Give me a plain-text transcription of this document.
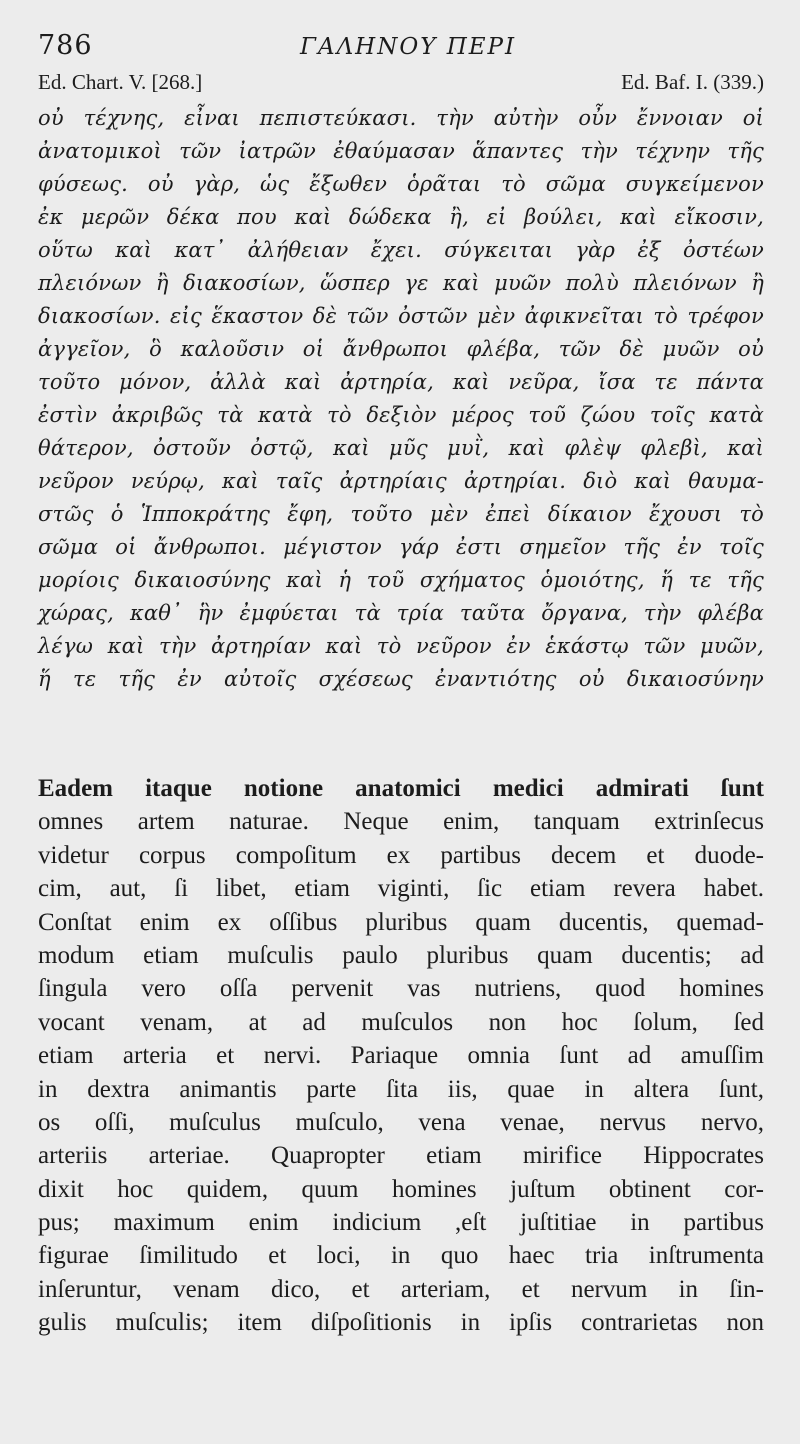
786	ΓΑΛΗΝΟΥ ΠΕΡΙ
Ed. Chart. V. [268.]	Ed. Baf. I. (339.)
οὐ τέχνης, εἶναι πεπιστεύκασι. τὴν αὐτὴν οὖν ἔννοιαν οἱ
ἀνατομικοὶ τῶν ἰατρῶν ἐθαύμασαν ἅπαντες τὴν τέχνην τῆς
φύσεως. οὐ γὰρ, ὡς ἔξωθεν ὁρᾶται τὸ σῶμα συγκείμενον
ἐκ μερῶν δέκα που καὶ δώδεκα ἢ, εἰ βούλει, καὶ εἴκοσιν,
οὕτω καὶ κατ᾿ ἀλήθειαν ἔχει. σύγκειται γὰρ ἐξ ὀστέων
πλειόνων ἢ διακοσίων, ὥσπερ γε καὶ μυῶν πολὺ πλειόνων ἢ
διακοσίων. εἰς ἕκαστον δὲ τῶν ὀστῶν μὲν ἀφικνεῖται τὸ τρέφον
ἀγγεῖον, ὃ καλοῦσιν οἱ ἄνθρωποι φλέβα, τῶν δὲ μυῶν οὐ
τοῦτο μόνον, ἀλλὰ καὶ ἀρτηρία, καὶ νεῦρα, ἴσα τε πάντα
ἐστὶν ἀκριβῶς τὰ κατὰ τὸ δεξιὸν μέρος τοῦ ζώου τοῖς κατὰ
θάτερον, ὀστοῦν ὀστῷ, καὶ μῦς μυῒ, καὶ φλὲψ φλεβὶ, καὶ
νεῦρον νεύρῳ, καὶ ταῖς ἀρτηρίαις ἀρτηρίαι. διὸ καὶ θαυμα-
στῶς ὁ Ἱπποκράτης ἔφη, τοῦτο μὲν ἐπεὶ δίκαιον ἔχουσι τὸ
σῶμα οἱ ἄνθρωποι. μέγιστον γάρ ἐστι σημεῖον τῆς ἐν τοῖς
μορίοις δικαιοσύνης καὶ ἡ τοῦ σχήματος ὁμοιότης, ἥ τε τῆς
χώρας, καθ᾿ ἣν ἐμφύεται τὰ τρία ταῦτα ὄργανα, τὴν φλέβα
λέγω καὶ τὴν ἀρτηρίαν καὶ τὸ νεῦρον ἐν ἑκάστῳ τῶν μυῶν,
ἥ τε τῆς ἐν αὐτοῖς σχέσεως ἐναντιότης οὐ δικαιοσύνην
Eadem itaque notione anatomici medici admirati ſunt
omnes artem naturae. Neque enim, tanquam extrinſecus
videtur corpus compoſitum ex partibus decem et duode-
cim, aut, ſi libet, etiam viginti, ſic etiam revera habet.
Conſtat enim ex oſſibus pluribus quam ducentis, quemad-
modum etiam muſculis paulo pluribus quam ducentis; ad
ſingula vero oſſa pervenit vas nutriens, quod homines
vocant venam, at ad muſculos non hoc ſolum, ſed
etiam arteria et nervi. Pariaque omnia ſunt ad amuſſim
in dextra animantis parte ſita iis, quae in altera ſunt,
os oſſi, muſculus muſculo, vena venae, nervus nervo,
arteriis arteriae. Quapropter etiam mirifice Hippocrates
dixit hoc quidem, quum homines juſtum obtinent cor-
pus; maximum enim indicium ,eſt juſtitiae in partibus
figurae ſimilitudo et loci, in quo haec tria inſtrumenta
inſeruntur, venam dico, et arteriam, et nervum in ſin-
gulis muſculis; item diſpoſitionis in ipſis contrarietas non
